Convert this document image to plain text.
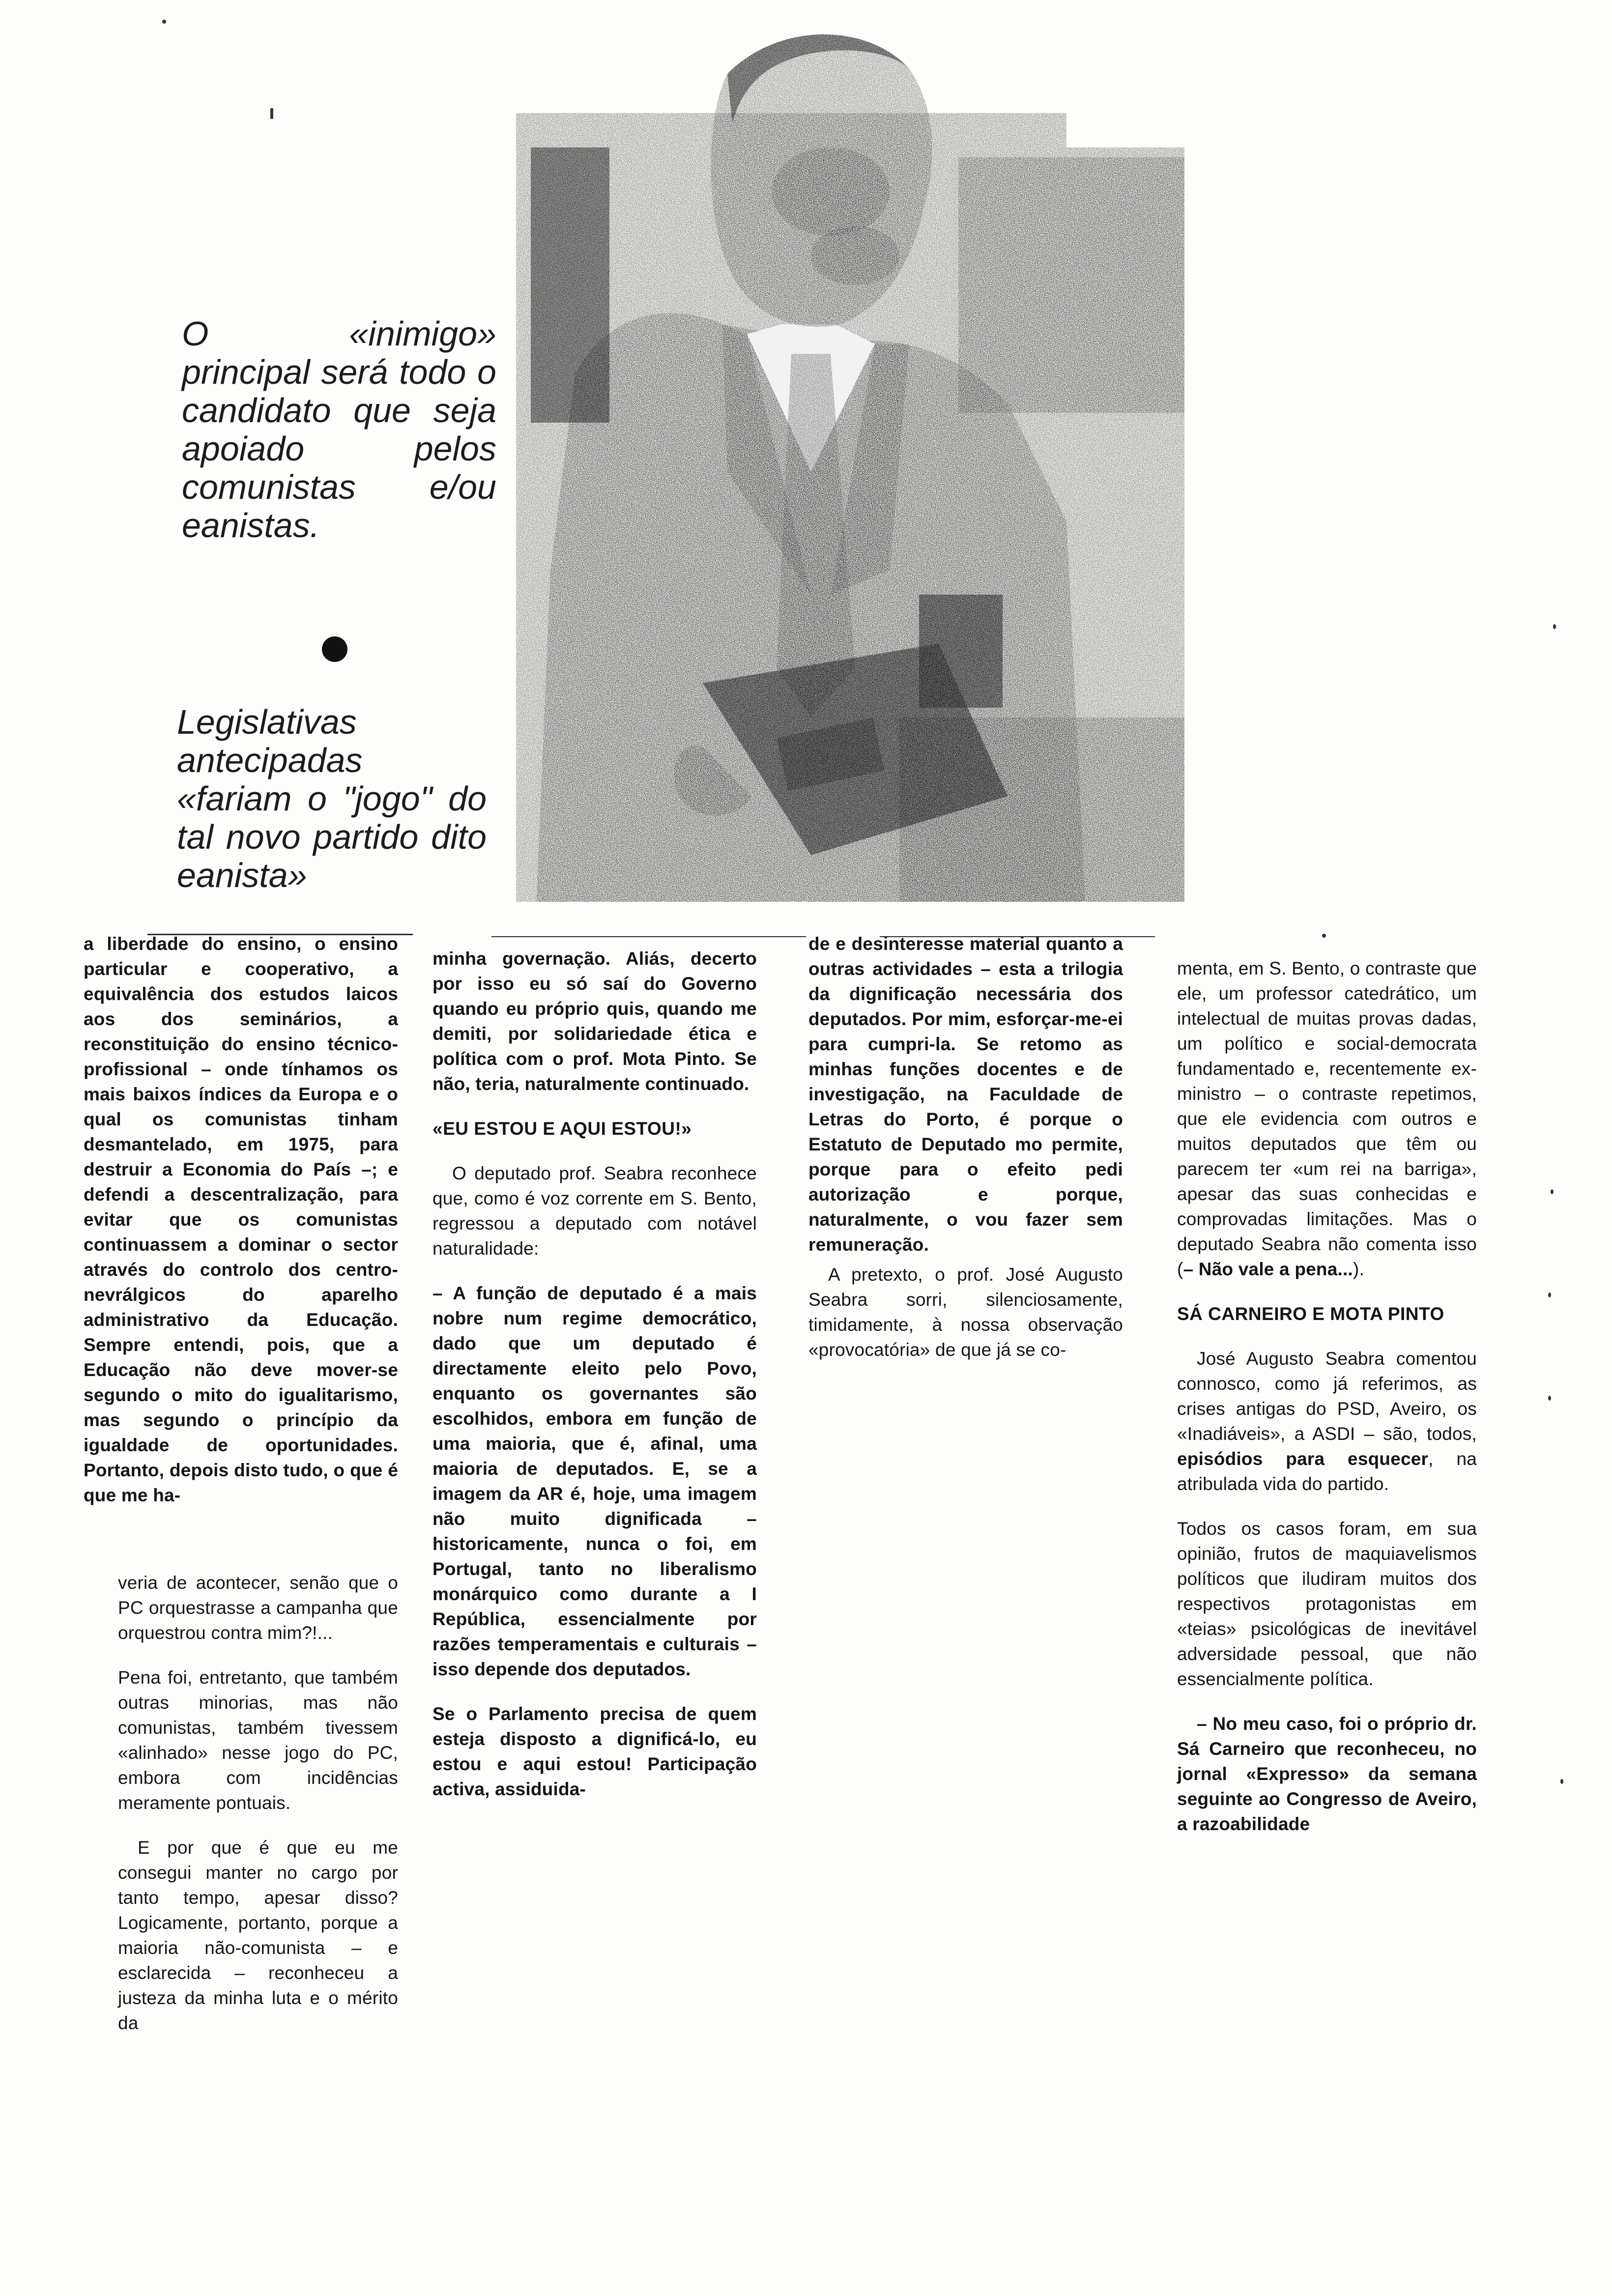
O «inimigo» principal será todo o candidato que seja apoiado pelos comunistas e/ou eanistas.
Legislativas antecipadas «fariam o "jogo" do tal novo partido dito eanista»

a liberdade do ensino, o ensino particular e cooperativo, a equivalência dos estudos laicos aos dos seminários, a reconstituição do ensino técnico-profissional – onde tínhamos os mais baixos índices da Europa e o qual os comunistas tinham desmantelado, em 1975, para destruir a Economia do País –; e defendi a descentralização, para evitar que os comunistas continuassem a dominar o sector através do controlo dos centro-nevrálgicos do aparelho administrativo da Educação. Sempre entendi, pois, que a Educação não deve mover-se segundo o mito do igualitarismo, mas segundo o princípio da igualdade de oportunidades. Portanto, depois disto tudo, o que é que me ha-

veria de acontecer, senão que o PC orquestrasse a campanha que orquestrou contra mim?!...

Pena foi, entretanto, que também outras minorias, mas não comunistas, também tivessem «alinhado» nesse jogo do PC, embora com incidências meramente pontuais.

E por que é que eu me consegui manter no cargo por tanto tempo, apesar disso? Logicamente, portanto, porque a maioria não-comunista – e esclarecida – reconheceu a justeza da minha luta e o mérito da

minha governação. Aliás, decerto por isso eu só saí do Governo quando eu próprio quis, quando me demiti, por solidariedade ética e política com o prof. Mota Pinto. Se não, teria, naturalmente continuado.

«EU ESTOU E AQUI ESTOU!»

O deputado prof. Seabra reconhece que, como é voz corrente em S. Bento, regressou a deputado com notável naturalidade:

– A função de deputado é a mais nobre num regime democrático, dado que um deputado é directamente eleito pelo Povo, enquanto os governantes são escolhidos, embora em função de uma maioria, que é, afinal, uma maioria de deputados. E, se a imagem da AR é, hoje, uma imagem não muito dignificada – historicamente, nunca o foi, em Portugal, tanto no liberalismo monárquico como durante a I República, essencialmente por razões temperamentais e culturais – isso depende dos deputados.

Se o Parlamento precisa de quem esteja disposto a dignificá-lo, eu estou e aqui estou! Participação activa, assiduida-

de e desinteresse material quanto a outras actividades – esta a trilogia da dignificação necessária dos deputados. Por mim, esforçar-me-ei para cumpri-la. Se retomo as minhas funções docentes e de investigação, na Faculdade de Letras do Porto, é porque o Estatuto de Deputado mo permite, porque para o efeito pedi autorização e porque, naturalmente, o vou fazer sem remuneração.

A pretexto, o prof. José Augusto Seabra sorri, silenciosamente, timidamente, à nossa observação «provocatória» de que já se co-

menta, em S. Bento, o contraste que ele, um professor catedrático, um intelectual de muitas provas dadas, um político e social-democrata fundamentado e, recentemente ex-ministro – o contraste repetimos, que ele evidencia com outros e muitos deputados que têm ou parecem ter «um rei na barriga», apesar das suas conhecidas e comprovadas limitações. Mas o deputado Seabra não comenta isso (– Não vale a pena...).

SÁ CARNEIRO E MOTA PINTO

José Augusto Seabra comentou connosco, como já referimos, as crises antigas do PSD, Aveiro, os «Inadiáveis», a ASDI – são, todos, episódios para esquecer, na atribulada vida do partido.

Todos os casos foram, em sua opinião, frutos de maquiavelismos políticos que iludiram muitos dos respectivos protagonistas em «teias» psicológicas de inevitável adversidade pessoal, que não essencialmente política.

– No meu caso, foi o próprio dr. Sá Carneiro que reconheceu, no jornal «Expresso» da semana seguinte ao Congresso de Aveiro, a razoabilidade
